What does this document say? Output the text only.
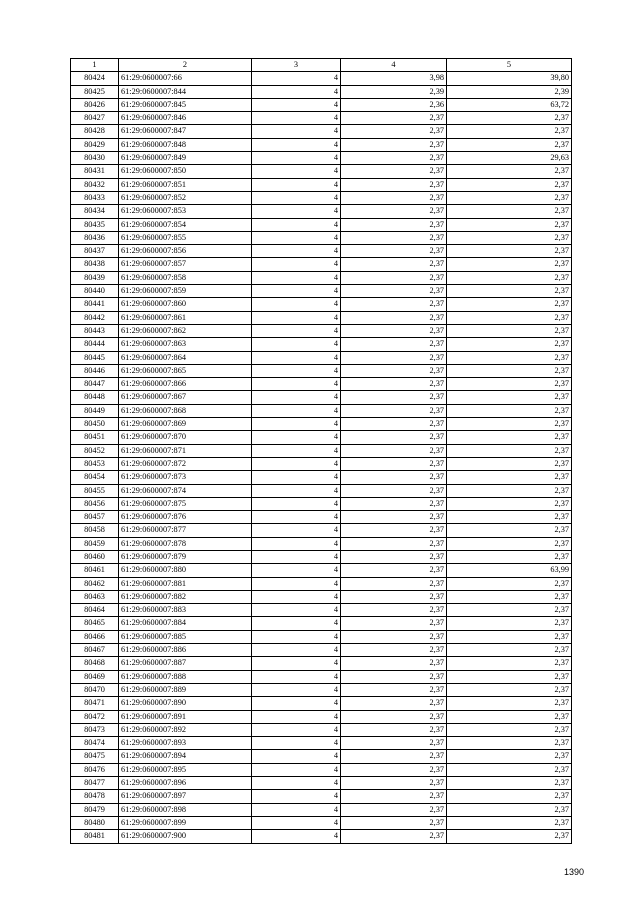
1	2	3	4	5
80424	61:29:0600007:66	4	3,98	39,80
80425	61:29:0600007:844	4	2,39	2,39
80426	61:29:0600007:845	4	2,36	63,72
80427	61:29:0600007:846	4	2,37	2,37
80428	61:29:0600007:847	4	2,37	2,37
80429	61:29:0600007:848	4	2,37	2,37
80430	61:29:0600007:849	4	2,37	29,63
80431	61:29:0600007:850	4	2,37	2,37
80432	61:29:0600007:851	4	2,37	2,37
80433	61:29:0600007:852	4	2,37	2,37
80434	61:29:0600007:853	4	2,37	2,37
80435	61:29:0600007:854	4	2,37	2,37
80436	61:29:0600007:855	4	2,37	2,37
80437	61:29:0600007:856	4	2,37	2,37
80438	61:29:0600007:857	4	2,37	2,37
80439	61:29:0600007:858	4	2,37	2,37
80440	61:29:0600007:859	4	2,37	2,37
80441	61:29:0600007:860	4	2,37	2,37
80442	61:29:0600007:861	4	2,37	2,37
80443	61:29:0600007:862	4	2,37	2,37
80444	61:29:0600007:863	4	2,37	2,37
80445	61:29:0600007:864	4	2,37	2,37
80446	61:29:0600007:865	4	2,37	2,37
80447	61:29:0600007:866	4	2,37	2,37
80448	61:29:0600007:867	4	2,37	2,37
80449	61:29:0600007:868	4	2,37	2,37
80450	61:29:0600007:869	4	2,37	2,37
80451	61:29:0600007:870	4	2,37	2,37
80452	61:29:0600007:871	4	2,37	2,37
80453	61:29:0600007:872	4	2,37	2,37
80454	61:29:0600007:873	4	2,37	2,37
80455	61:29:0600007:874	4	2,37	2,37
80456	61:29:0600007:875	4	2,37	2,37
80457	61:29:0600007:876	4	2,37	2,37
80458	61:29:0600007:877	4	2,37	2,37
80459	61:29:0600007:878	4	2,37	2,37
80460	61:29:0600007:879	4	2,37	2,37
80461	61:29:0600007:880	4	2,37	63,99
80462	61:29:0600007:881	4	2,37	2,37
80463	61:29:0600007:882	4	2,37	2,37
80464	61:29:0600007:883	4	2,37	2,37
80465	61:29:0600007:884	4	2,37	2,37
80466	61:29:0600007:885	4	2,37	2,37
80467	61:29:0600007:886	4	2,37	2,37
80468	61:29:0600007:887	4	2,37	2,37
80469	61:29:0600007:888	4	2,37	2,37
80470	61:29:0600007:889	4	2,37	2,37
80471	61:29:0600007:890	4	2,37	2,37
80472	61:29:0600007:891	4	2,37	2,37
80473	61:29:0600007:892	4	2,37	2,37
80474	61:29:0600007:893	4	2,37	2,37
80475	61:29:0600007:894	4	2,37	2,37
80476	61:29:0600007:895	4	2,37	2,37
80477	61:29:0600007:896	4	2,37	2,37
80478	61:29:0600007:897	4	2,37	2,37
80479	61:29:0600007:898	4	2,37	2,37
80480	61:29:0600007:899	4	2,37	2,37
80481	61:29:0600007:900	4	2,37	2,37
1390
